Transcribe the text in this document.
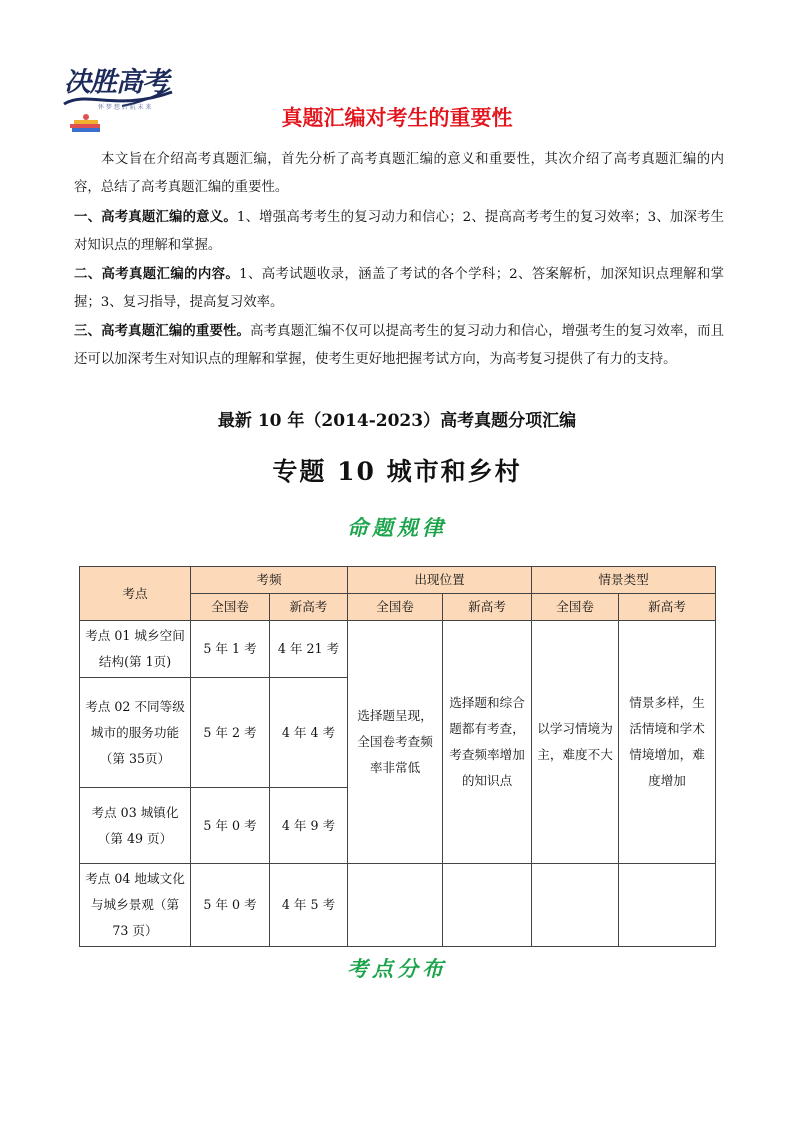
决胜高考
怀 梦 想 启 航 未 来	真题汇编对考生的重要性
本文旨在介绍高考真题汇编，首先分析了高考真题汇编的意义和重要性，其次介绍了高考真题汇编的内容，总结了高考真题汇编的重要性。
一、高考真题汇编的意义。1、增强高考考生的复习动力和信心；2、提高高考考生的复习效率；3、加深考生对知识点的理解和掌握。
二、高考真题汇编的内容。1、高考试题收录，涵盖了考试的各个学科；2、答案解析，加深知识点理解和掌握；3、复习指导，提高复习效率。
三、高考真题汇编的重要性。高考真题汇编不仅可以提高考生的复习动力和信心，增强考生的复习效率，而且还可以加深考生对知识点的理解和掌握，使考生更好地把握考试方向，为高考复习提供了有力的支持。
最新 10 年（2014-2023）高考真题分项汇编
专题 10 城市和乡村
命题规律
考点	考频		出现位置		情景类型	
	全国卷	新高考	全国卷	新高考	全国卷	新高考
考点 01 城乡空间结构(第 1页)	5 年 1 考	4 年 21 考	选择题呈现，全国卷考查频率非常低	选择题和综合题都有考查，考查频率增加的知识点	以学习情境为主，难度不大	情景多样，生活情境和学术情境增加，难度增加
考点 02 不同等级城市的服务功能（第 35页）	5 年 2 考	4 年 4 考				
考点 03 城镇化（第 49 页）	5 年 0 考	4 年 9 考				
考点 04 地域文化与城乡景观（第 73 页）	5 年 0 考	4 年 5 考				
考点分布
